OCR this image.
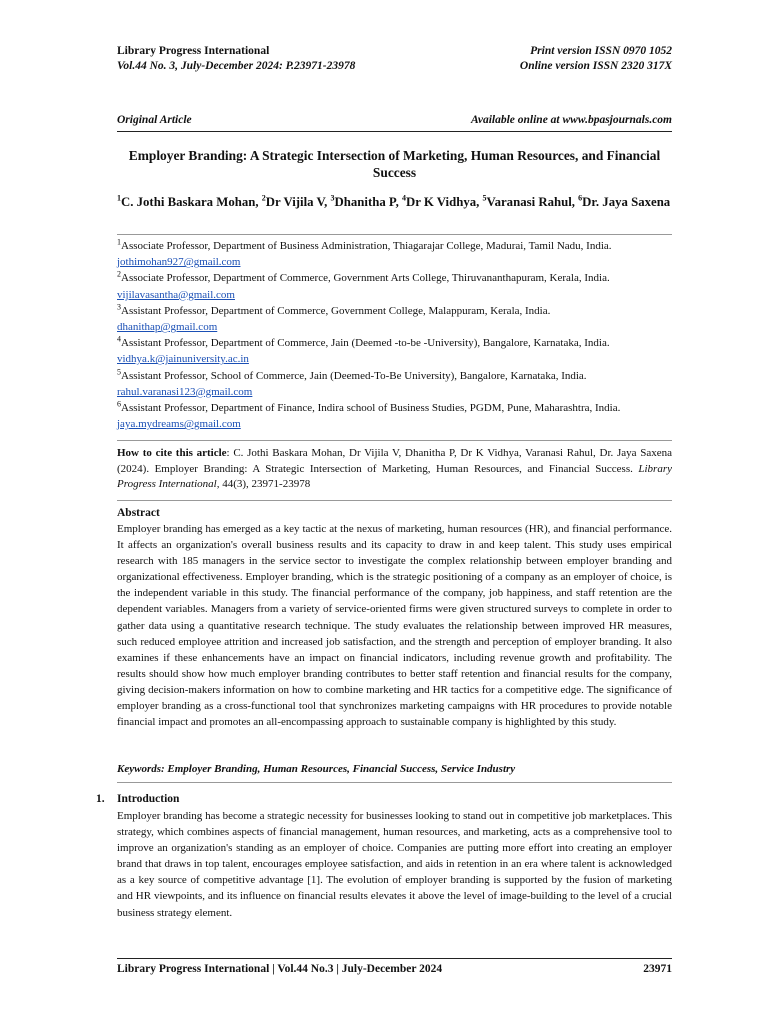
Library Progress International	Print version ISSN 0970 1052
Vol.44 No. 3, July-December 2024: P.23971-23978	Online version ISSN 2320 317X
Original Article	Available online at www.bpasjournals.com
Employer Branding: A Strategic Intersection of Marketing, Human Resources, and Financial Success
$^1$C. Jothi Baskara Mohan, $^2$Dr Vijila V, $^3$Dhanitha P, $^4$Dr K Vidhya, $^5$Varanasi Rahul, $^6$Dr. Jaya Saxena

$^1$Associate Professor, Department of Business Administration, Thiagarajar College, Madurai, Tamil Nadu, India.
jothimohan927@gmail.com

$^2$Associate Professor, Department of Commerce, Government Arts College, Thiruvananthapuram, Kerala, India.
vijilavasantha@gmail.com

$^3$Assistant Professor, Department of Commerce, Government College, Malappuram, Kerala, India.
dhanithap@gmail.com

$^4$Assistant Professor, Department of Commerce, Jain (Deemed -to-be -University), Bangalore, Karnataka, India.
vidhya.k@jainuniversity.ac.in

$^5$Assistant Professor, School of Commerce, Jain (Deemed-To-Be University), Bangalore, Karnataka, India.
rahul.varanasi123@gmail.com

$^6$Assistant Professor, Department of Finance, Indira school of Business Studies, PGDM, Pune, Maharashtra, India. jaya.mydreams@gmail.com

How to cite this article: C. Jothi Baskara Mohan, Dr Vijila V, Dhanitha P, Dr K Vidhya, Varanasi Rahul, Dr. Jaya Saxena (2024). Employer Branding: A Strategic Intersection of Marketing, Human Resources, and Financial Success. Library Progress International, 44(3), 23971-23978
Abstract
Employer branding has emerged as a key tactic at the nexus of marketing, human resources (HR), and financial performance. It affects an organization's overall business results and its capacity to draw in and keep talent. This study uses empirical research with 185 managers in the service sector to investigate the complex relationship between employer branding and organizational effectiveness. Employer branding, which is the strategic positioning of a company as an employer of choice, is the independent variable in this study. The financial performance of the company, job happiness, and staff retention are the dependent variables. Managers from a variety of service-oriented firms were given structured surveys to complete in order to gather data using a quantitative research technique. The study evaluates the relationship between improved HR measures, such reduced employee attrition and increased job satisfaction, and the strength and perception of employer branding. It also examines if these enhancements have an impact on financial indicators, including revenue growth and profitability. The results should show how much employer branding contributes to better staff retention and financial results for the company, giving decision-makers information on how to combine marketing and HR tactics for a competitive edge. The significance of employer branding as a cross-functional tool that synchronizes marketing campaigns with HR procedures to provide notable financial impact and promotes an all-encompassing approach to sustainable company is highlighted by this study.
Keywords: Employer Branding, Human Resources, Financial Success, Service Industry
1. Introduction
Employer branding has become a strategic necessity for businesses looking to stand out in competitive job marketplaces. This strategy, which combines aspects of financial management, human resources, and marketing, acts as a comprehensive tool to improve an organization's standing as an employer of choice. Companies are putting more effort into creating an employer brand that draws in top talent, encourages employee satisfaction, and aids in retention in an era where talent is acknowledged as a key source of competitive advantage [1]. The evolution of employer branding is supported by the fusion of marketing and HR viewpoints, and its influence on financial results elevates it above the level of image-building to the level of a crucial business strategy element.
Library Progress International | Vol.44 No.3 | July-December 2024	23971
